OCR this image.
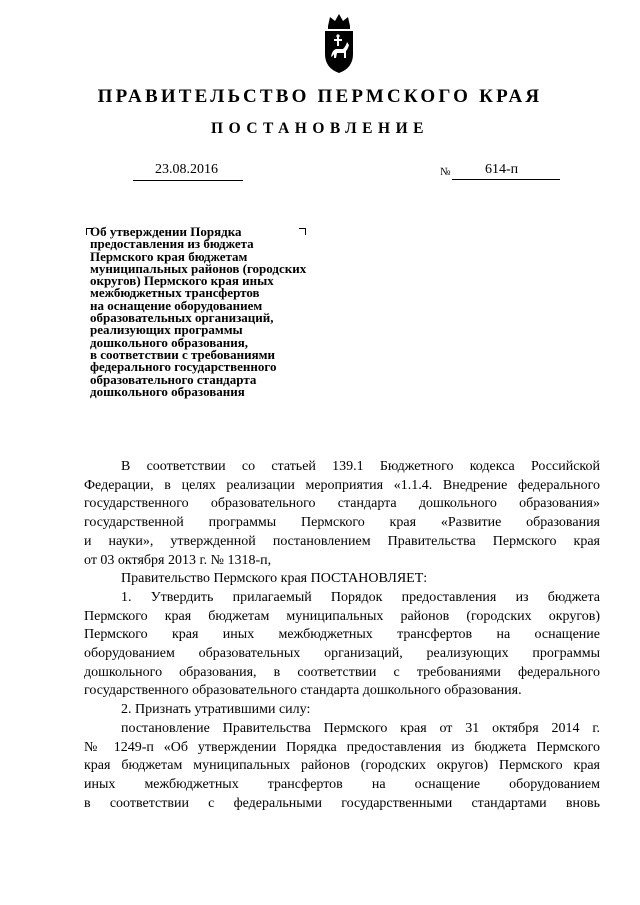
ПРАВИТЕЛЬСТВО ПЕРМСКОГО КРАЯ
ПОСТАНОВЛЕНИЕ
23.08.2016	№ 614-п
Об утверждении Порядка
предоставления из бюджета
Пермского края бюджетам
муниципальных районов (городских
округов) Пермского края иных
межбюджетных трансфертов
на оснащение оборудованием
образовательных организаций,
реализующих программы
дошкольного образования,
в соответствии с требованиями
федерального государственного
образовательного стандарта
дошкольного образования

В соответствии со статьей 139.1 Бюджетного кодекса Российской
Федерации, в целях реализации мероприятия «1.1.4. Внедрение федерального
государственного образовательного стандарта дошкольного образования»
государственной программы Пермского края «Развитие образования
и науки», утвержденной постановлением Правительства Пермского края
от 03 октября 2013 г. № 1318-п,

Правительство Пермского края ПОСТАНОВЛЯЕТ:

1. Утвердить прилагаемый Порядок предоставления из бюджета
Пермского края бюджетам муниципальных районов (городских округов)
Пермского края иных межбюджетных трансфертов на оснащение
оборудованием образовательных организаций, реализующих программы
дошкольного образования, в соответствии с требованиями федерального
государственного образовательного стандарта дошкольного образования.

2. Признать утратившими силу:

постановление Правительства Пермского края от 31 октября 2014 г.
№ 1249-п «Об утверждении Порядка предоставления из бюджета Пермского
края бюджетам муниципальных районов (городских округов) Пермского края
иных межбюджетных трансфертов на оснащение оборудованием
в соответствии с федеральными государственными стандартами вновь
